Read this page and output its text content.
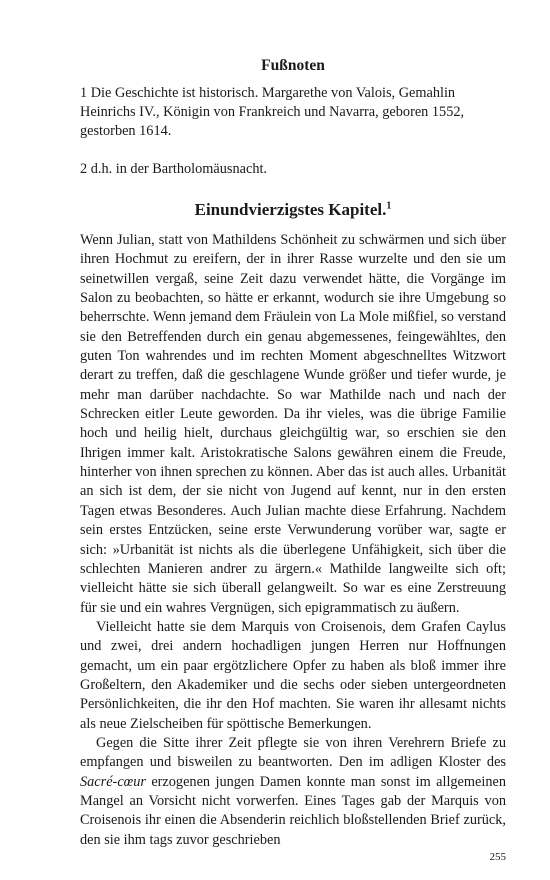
Fußnoten

1 Die Geschichte ist historisch. Margarethe von Valois, Gemahlin Heinrichs IV., Königin von Frankreich und Navarra, geboren 1552, gestorben 1614.

2 d.h. in der Bartholomäusnacht.

Einundvierzigstes Kapitel.$^1$

Wenn Julian, statt von Mathildens Schönheit zu schwärmen und sich über ihren Hochmut zu ereifern, der in ihrer Rasse wurzelte und den sie um seinetwillen vergaß, seine Zeit dazu verwendet hätte, die Vorgänge im Salon zu beobachten, so hätte er erkannt, wodurch sie ihre Umgebung so beherrschte. Wenn jemand dem Fräulein von La Mole mißfiel, so verstand sie den Betreffenden durch ein genau abgemessenes, feingewähltes, den guten Ton wahrendes und im rechten Moment abgeschnelltes Witzwort derart zu treffen, daß die geschlagene Wunde größer und tiefer wurde, je mehr man darüber nachdachte. So war Mathilde nach und nach der Schrecken eitler Leute geworden. Da ihr vieles, was die übrige Familie hoch und heilig hielt, durchaus gleichgültig war, so erschien sie den Ihrigen immer kalt. Aristokratische Salons gewähren einem die Freude, hinterher von ihnen sprechen zu können. Aber das ist auch alles. Urbanität an sich ist dem, der sie nicht von Jugend auf kennt, nur in den ersten Tagen etwas Besonderes. Auch Julian machte diese Erfahrung. Nachdem sein erstes Entzücken, seine erste Verwunderung vorüber war, sagte er sich: »Urbanität ist nichts als die überlegene Unfähigkeit, sich über die schlechten Manieren andrer zu ärgern.« Mathilde langweilte sich oft; vielleicht hätte sie sich überall gelangweilt. So war es eine Zerstreuung für sie und ein wahres Vergnügen, sich epigrammatisch zu äußern.

Vielleicht hatte sie dem Marquis von Croisenois, dem Grafen Caylus und zwei, drei andern hochadligen jungen Herren nur Hoffnungen gemacht, um ein paar ergötzlichere Opfer zu haben als bloß immer ihre Großeltern, den Akademiker und die sechs oder sieben untergeordneten Persönlichkeiten, die ihr den Hof machten. Sie waren ihr allesamt nichts als neue Zielscheiben für spöttische Bemerkungen.

Gegen die Sitte ihrer Zeit pflegte sie von ihren Verehrern Briefe zu empfangen und bisweilen zu beantworten. Den im adligen Kloster des Sacré-cœur erzogenen jungen Damen konnte man sonst im allgemeinen Mangel an Vorsicht nicht vorwerfen. Eines Tages gab der Marquis von Croisenois ihr einen die Absenderin reichlich bloßstellenden Brief zurück, den sie ihm tags zuvor geschrieben

255
